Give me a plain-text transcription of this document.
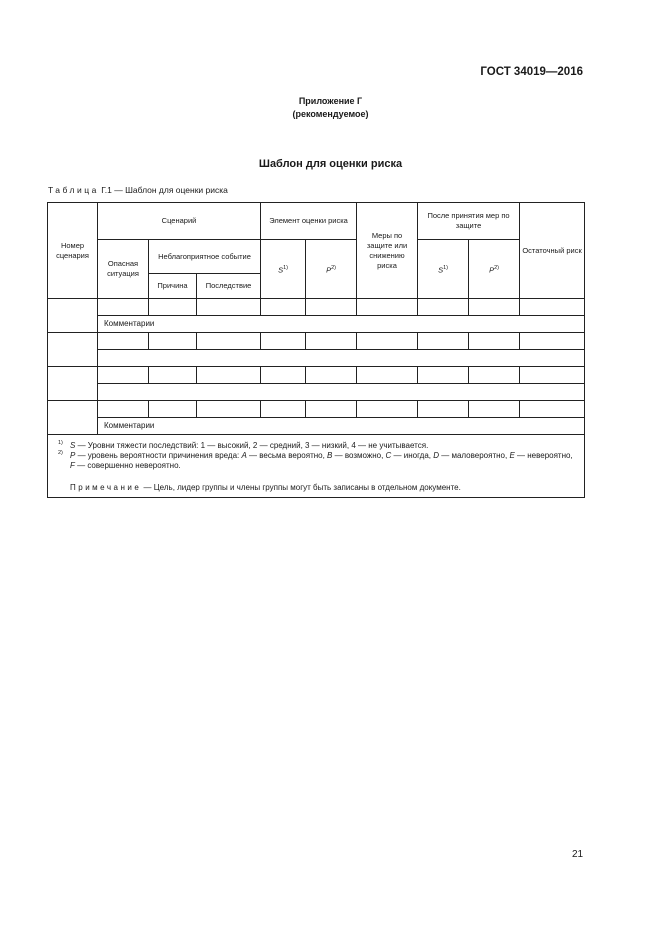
ГОСТ 34019—2016
Приложение Г
(рекомендуемое)
Шаблон для оценки риска
Таблица Г.1 — Шаблон для оценки риска
Номер сценария	Сценарий			Элемент оценки риска		Меры по защите или снижению риска	После принятия мер по защите		Остаточный риск
	Опасная ситуация	Неблагоприятное событие		$S^{1)}$	$P^{2)}$		$S^{1)}$	$P^{2)}$
		Причина	Последствие						

	Комментарии								

	Комментарии								

1) S — Уровни тяжести последствий: 1 — высокий, 2 — средний, 3 — низкий, 4 — не учитывается.
2) P — уровень вероятности причинения вреда: A — весьма вероятно, B — возможно, C — иногда, D — маловероятно, E — невероятно, F — совершенно невероятно.
Примечание — Цель, лидер группы и члены группы могут быть записаны в отдельном документе.									
21
